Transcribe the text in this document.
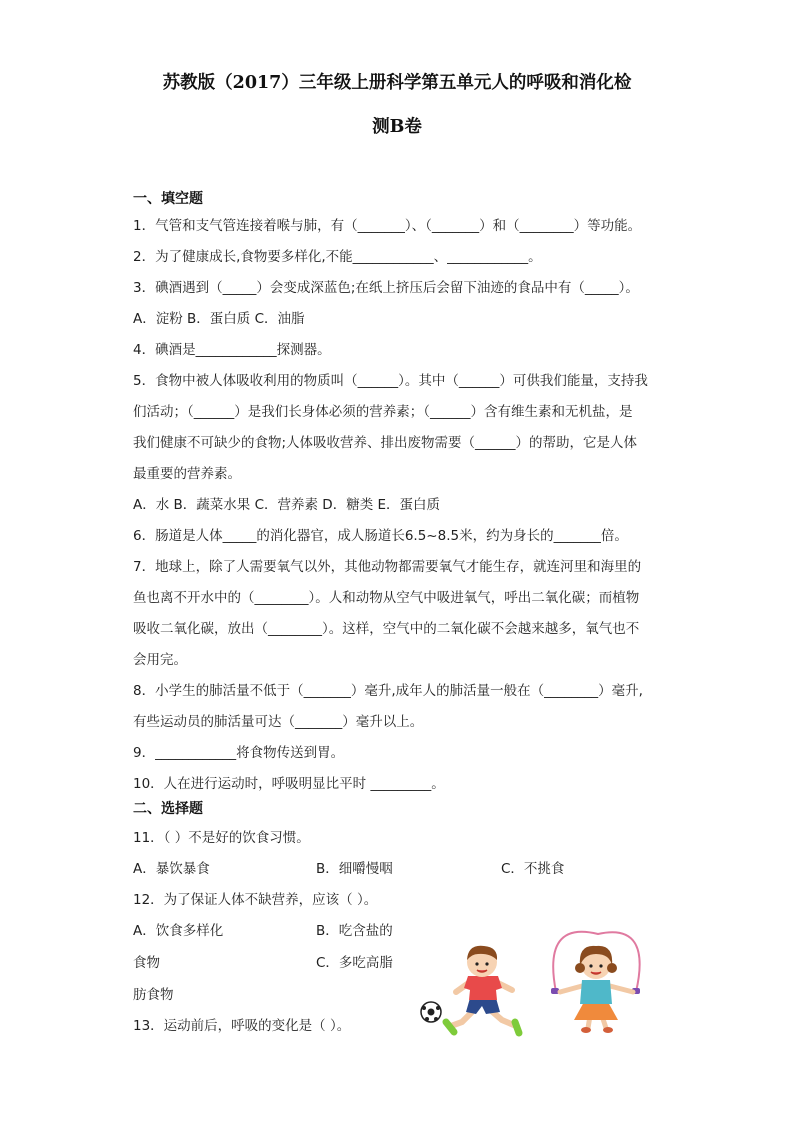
苏教版（2017）三年级上册科学第五单元人的呼吸和消化检
测B卷
一、填空题
1．气管和支气管连接着喉与肺，有（_______）、（_______）和（________）等功能。
2．为了健康成长,食物要多样化,不能____________、____________。
3．碘酒遇到（_____）会变成深蓝色;在纸上挤压后会留下油迹的食品中有（_____）。
A．淀粉 B．蛋白质 C．油脂
4．碘酒是____________探测器。
5．食物中被人体吸收利用的物质叫（______）。其中（______）可供我们能量，支持我
们活动；（______）是我们长身体必须的营养素；（______）含有维生素和无机盐，是
我们健康不可缺少的食物;人体吸收营养、排出废物需要（______）的帮助，它是人体
最重要的营养素。
A．水 B．蔬菜水果 C．营养素 D．糖类 E．蛋白质
6．肠道是人体_____的消化器官，成人肠道长6.5~8.5米，约为身长的_______倍。
7．地球上，除了人需要氧气以外，其他动物都需要氧气才能生存，就连河里和海里的
鱼也离不开水中的（________）。人和动物从空气中吸进氧气，呼出二氧化碳；而植物
吸收二氧化碳，放出（________）。这样，空气中的二氧化碳不会越来越多，氧气也不
会用完。
8．小学生的肺活量不低于（_______）毫升,成年人的肺活量一般在（________）毫升,
有些运动员的肺活量可达（_______）毫升以上。
9．____________将食物传送到胃。
10．人在进行运动时，呼吸明显比平时 _________。
二、选择题
11．（ ）不是好的饮食习惯。
A．暴饮暴食	B．细嚼慢咽	C．不挑食
12．为了保证人体不缺营养，应该（ ）。
A．饮食多样化	B．吃含盐的
食物	C．多吃高脂
肪食物
13．运动前后，呼吸的变化是（ ）。
